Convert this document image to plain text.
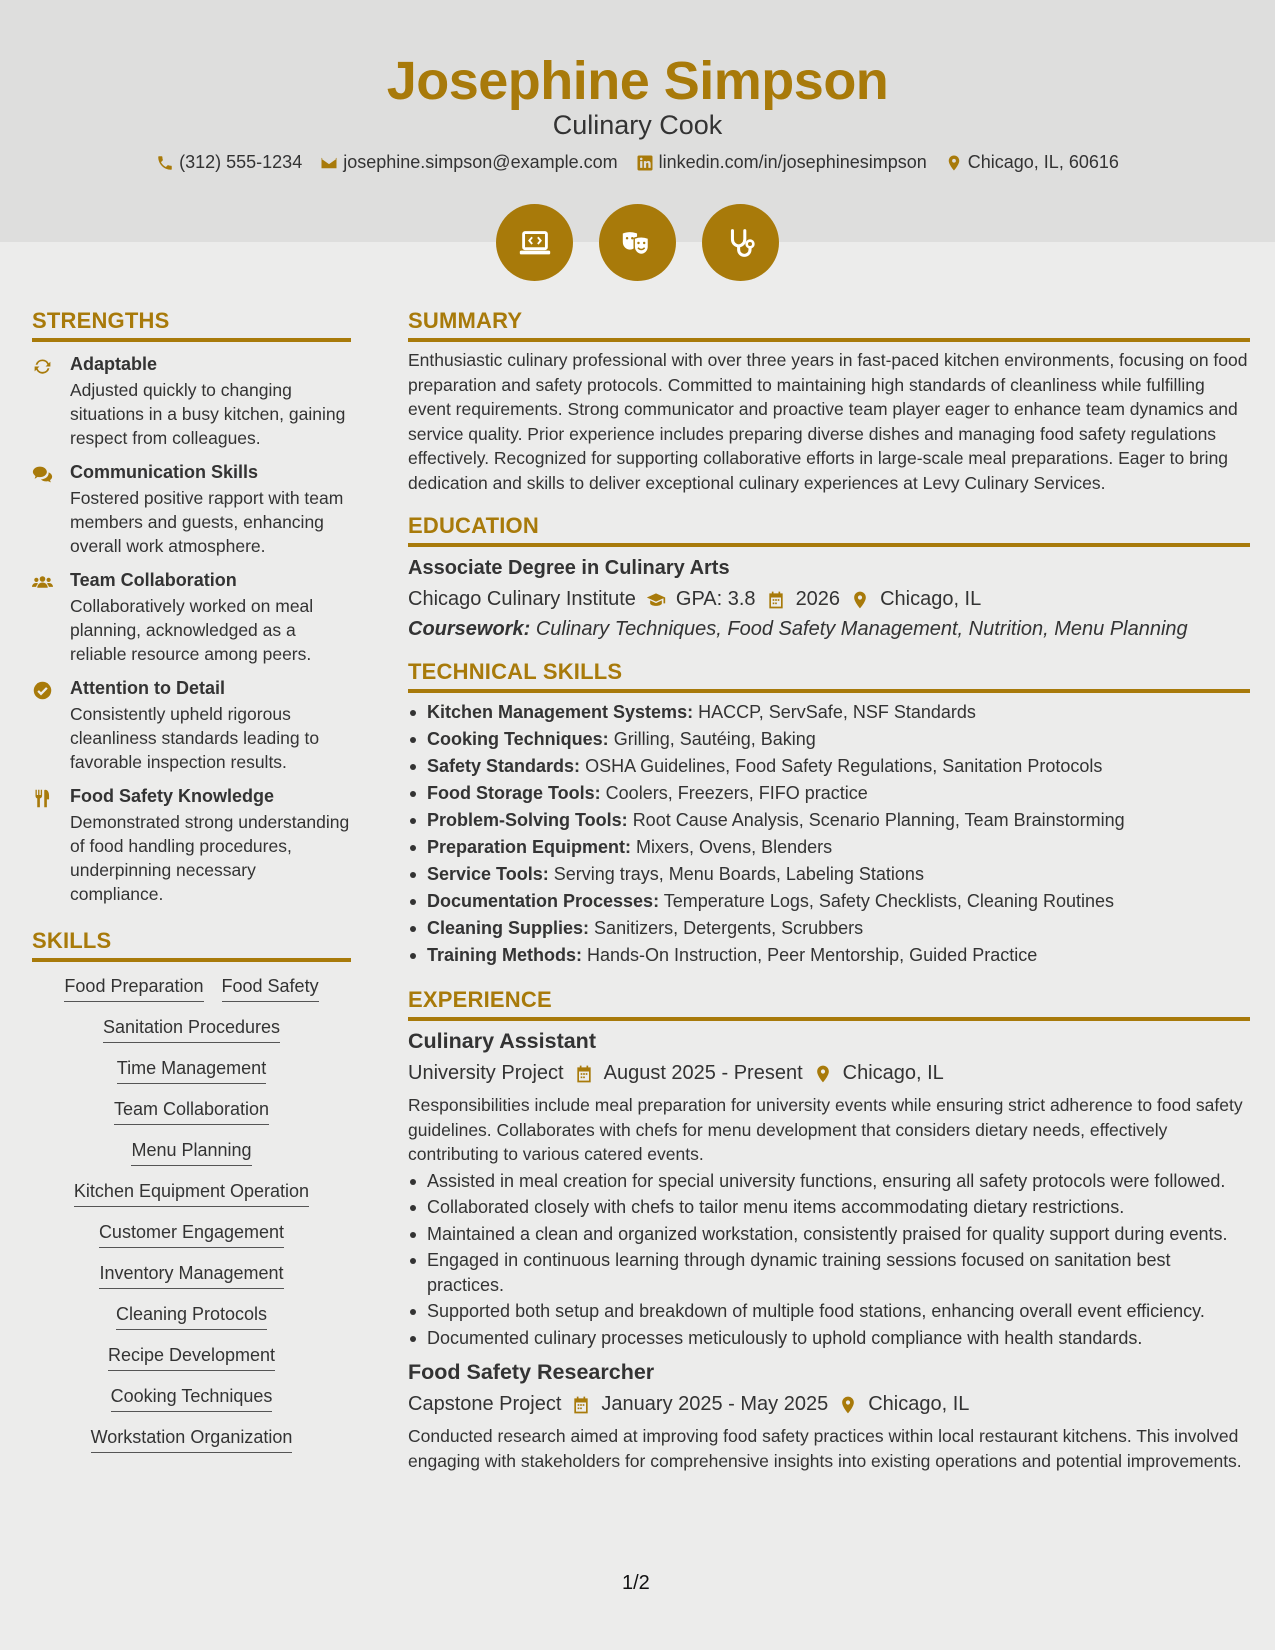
Josephine Simpson
Culinary Cook
(312) 555-1234 josephine.simpson@example.com linkedin.com/in/josephinesimpson Chicago, IL, 60616
STRENGTHS
Adaptable
Adjusted quickly to changing situations in a busy kitchen, gaining respect from colleagues.
Communication Skills
Fostered positive rapport with team members and guests, enhancing overall work atmosphere.
Team Collaboration
Collaboratively worked on meal planning, acknowledged as a reliable resource among peers.
Attention to Detail
Consistently upheld rigorous cleanliness standards leading to favorable inspection results.
Food Safety Knowledge
Demonstrated strong understanding of food handling procedures, underpinning necessary compliance.
SKILLS
Food Preparation Food Safety
Sanitation Procedures
Time Management
Team Collaboration
Menu Planning
Kitchen Equipment Operation
Customer Engagement
Inventory Management
Cleaning Protocols
Recipe Development
Cooking Techniques
Workstation Organization
SUMMARY
Enthusiastic culinary professional with over three years in fast-paced kitchen environments, focusing on food preparation and safety protocols. Committed to maintaining high standards of cleanliness while fulfilling event requirements. Strong communicator and proactive team player eager to enhance team dynamics and service quality. Prior experience includes preparing diverse dishes and managing food safety regulations effectively. Recognized for supporting collaborative efforts in large-scale meal preparations. Eager to bring dedication and skills to deliver exceptional culinary experiences at Levy Culinary Services.
EDUCATION
Associate Degree in Culinary Arts
Chicago Culinary Institute GPA: 3.8 2026 Chicago, IL
Coursework: Culinary Techniques, Food Safety Management, Nutrition, Menu Planning
TECHNICAL SKILLS
Kitchen Management Systems: HACCP, ServSafe, NSF Standards
Cooking Techniques: Grilling, Sautéing, Baking
Safety Standards: OSHA Guidelines, Food Safety Regulations, Sanitation Protocols
Food Storage Tools: Coolers, Freezers, FIFO practice
Problem-Solving Tools: Root Cause Analysis, Scenario Planning, Team Brainstorming
Preparation Equipment: Mixers, Ovens, Blenders
Service Tools: Serving trays, Menu Boards, Labeling Stations
Documentation Processes: Temperature Logs, Safety Checklists, Cleaning Routines
Cleaning Supplies: Sanitizers, Detergents, Scrubbers
Training Methods: Hands-On Instruction, Peer Mentorship, Guided Practice
EXPERIENCE
Culinary Assistant
University Project August 2025 - Present Chicago, IL
Responsibilities include meal preparation for university events while ensuring strict adherence to food safety guidelines. Collaborates with chefs for menu development that considers dietary needs, effectively contributing to various catered events.
Assisted in meal creation for special university functions, ensuring all safety protocols were followed.
Collaborated closely with chefs to tailor menu items accommodating dietary restrictions.
Maintained a clean and organized workstation, consistently praised for quality support during events.
Engaged in continuous learning through dynamic training sessions focused on sanitation best practices.
Supported both setup and breakdown of multiple food stations, enhancing overall event efficiency.
Documented culinary processes meticulously to uphold compliance with health standards.
Food Safety Researcher
Capstone Project January 2025 - May 2025 Chicago, IL
Conducted research aimed at improving food safety practices within local restaurant kitchens. This involved engaging with stakeholders for comprehensive insights into existing operations and potential improvements.
1/2
